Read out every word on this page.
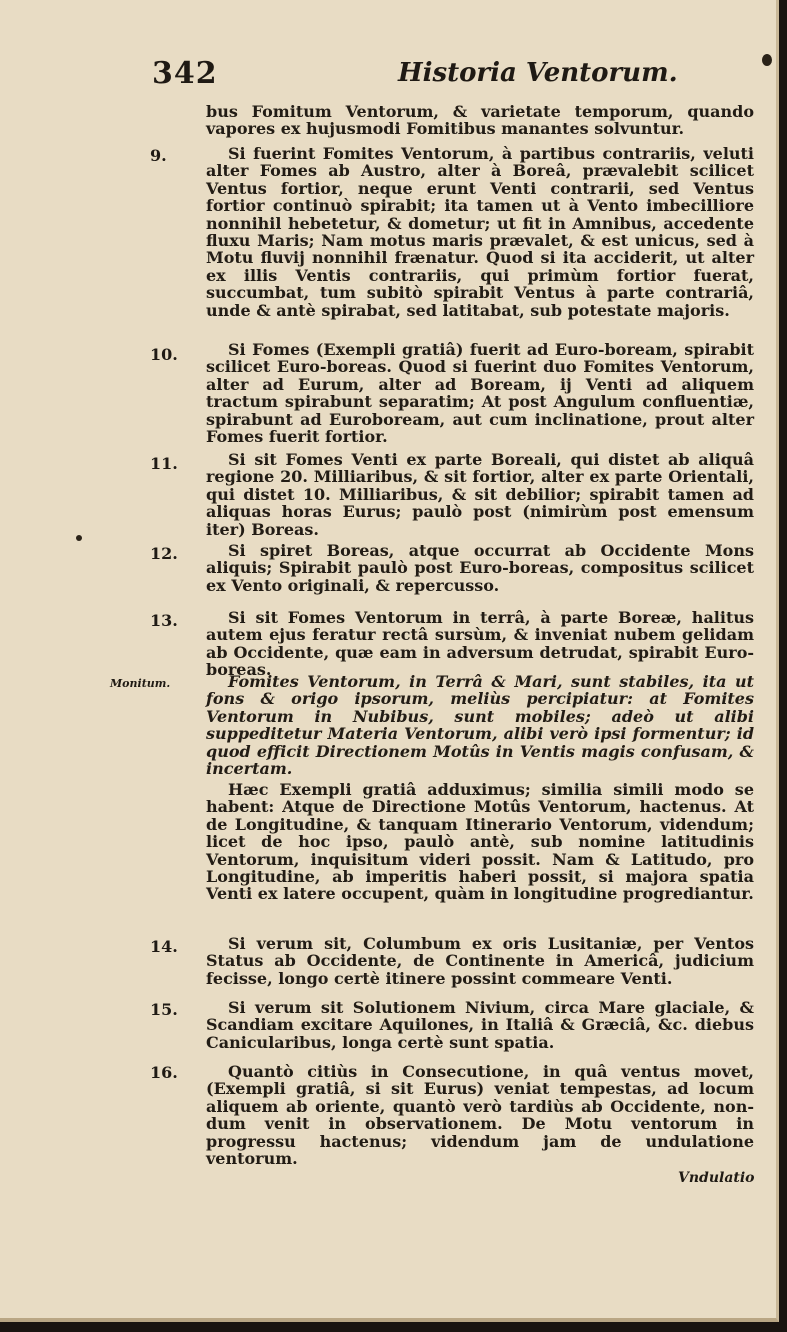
342	Historia Ventorum.
9.
10.
11.
12.
13.
14.
15.
16.
Monitum.
bus Fomitum Ventorum, & varietate temporum, quando vapores ex hujusmodi Fomitibus manantes solvuntur.
Si fuerint Fomites Ventorum, à partibus contrariis, veluti alter Fomes ab Austro, alter à Boreâ, prævalebit scilicet Ventus fortior, neque erunt Venti contrarii, sed Ventus fortior continuò spirabit; ita tamen ut à Vento imbecilliore nonnihil hebetetur, & dometur; ut fit in Amnibus, accedente fluxu Maris; Nam motus maris prævalet, & est unicus, sed à Motu fluvij nonnihil frænatur. Quod si ita acciderit, ut alter ex illis Ventis contrariis, qui primùm fortior fuerat, succumbat, tum subitò spirabit Ventus à parte contrariâ, unde & antè spirabat, sed latitabat, sub potestate majoris.
Si Fomes (Exempli gratiâ) fuerit ad Euro-boream, spirabit scilicet Euro-boreas. Quod si fuerint duo Fomites Ventorum, alter ad Eurum, alter ad Boream, ij Venti ad aliquem tractum spirabunt separatim; At post Angulum confluentiæ, spirabunt ad Euroboream, aut cum inclinatione, prout alter Fomes fuerit fortior.
Si sit Fomes Venti ex parte Boreali, qui distet ab aliquâ regione 20. Milliaribus, & sit fortior, alter ex parte Orientali, qui distet 10. Milliaribus, & sit debilior; spirabit tamen ad aliquas horas Eurus; paulò post (nimirùm post emensum iter) Boreas.
Si spiret Boreas, atque occurrat ab Occidente Mons aliquis; Spirabit paulò post Euro-boreas, compositus scilicet ex Vento originali, & repercusso.
Si sit Fomes Ventorum in terrâ, à parte Boreæ, halitus autem ejus feratur rectâ sursùm, & inveniat nubem gelidam ab Occidente, quæ eam in adversum detrudat, spirabit Euro-boreas.
Fomites Ventorum, in Terrâ & Mari, sunt stabiles, ita ut fons & origo ipsorum, meliùs percipiatur: at Fomites Ventorum in Nubibus, sunt mobiles; adeò ut alibi suppeditetur Materia Ventorum, alibi verò ipsi formentur; id quod efficit Directionem Motûs in Ventis magis confusam, & incertam.
Hæc Exempli gratiâ adduximus; similia simili modo se habent: Atque de Directione Motûs Ventorum, hactenus. At de Longitudine, & tanquam Itinerario Ventorum, videndum; licet de hoc ipso, paulò antè, sub nomine latitudinis Ventorum, inquisitum videri possit. Nam & Latitudo, pro Longitudine, ab imperitis haberi possit, si majora spatia Venti ex latere occupent, quàm in longitudine progrediantur.
Si verum sit, Columbum ex oris Lusitaniæ, per Ventos Status ab Occidente, de Continente in Americâ, judicium fecisse, longo certè itinere possint commeare Venti.
Si verum sit Solutionem Nivium, circa Mare glaciale, & Scandiam excitare Aquilones, in Italiâ & Græciâ, &c. diebus Canicularibus, longa certè sunt spatia.
Quantò citiùs in Consecutione, in quâ ventus movet, (Exempli gratiâ, si sit Eurus) veniat tempestas, ad locum aliquem ab oriente, quantò verò tardiùs ab Occidente, non-dum venit in observationem. De Motu ventorum in progressu hactenus; videndum jam de undulatione ventorum.
Vndulatio
